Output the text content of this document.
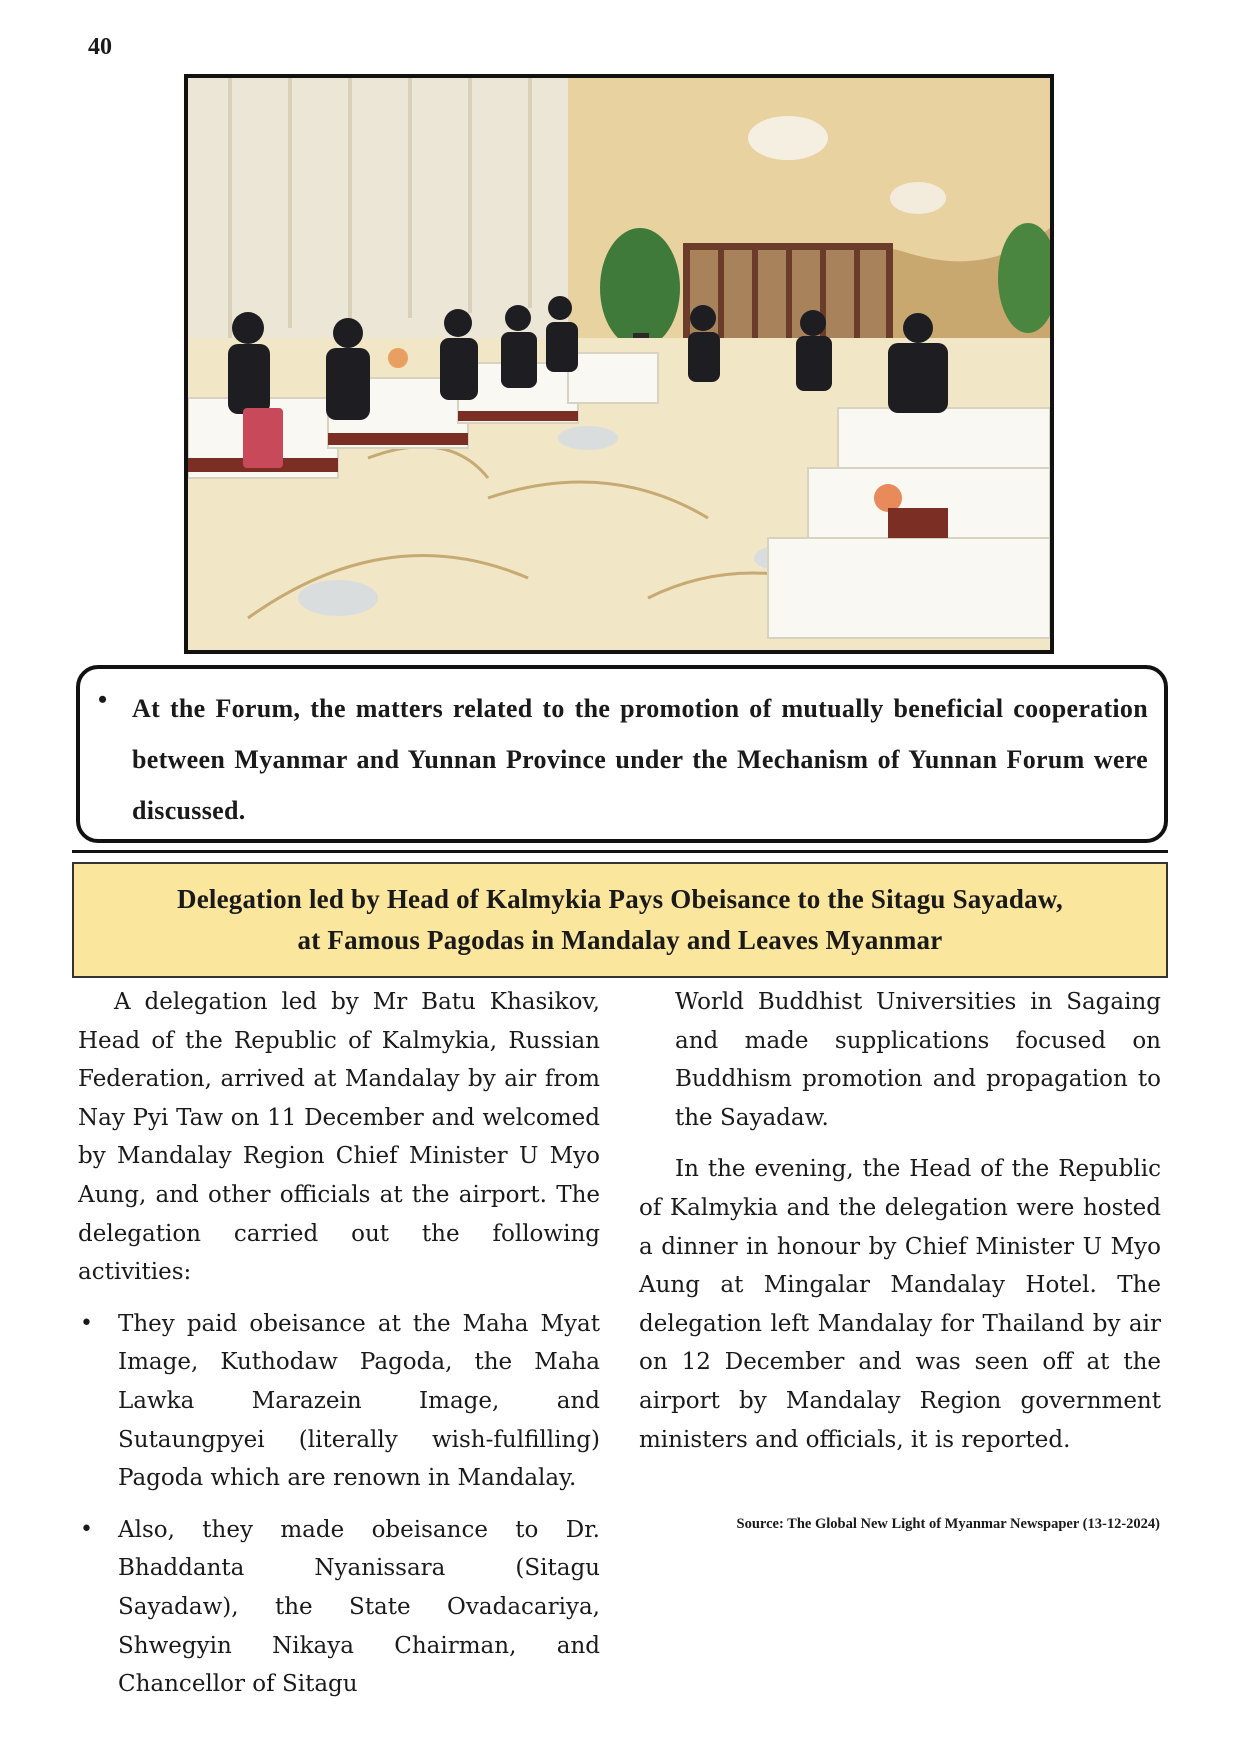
40
• At the Forum, the matters related to the promotion of mutually beneficial cooperation between Myanmar and Yunnan Province under the Mechanism of Yunnan Forum were discussed.
Delegation led by Head of Kalmykia Pays Obeisance to the Sitagu Sayadaw,
at Famous Pagodas in Mandalay and Leaves Myanmar

A delegation led by Mr Batu Khasikov, Head of the Republic of Kalmykia, Russian Federation, arrived at Mandalay by air from Nay Pyi Taw on 11 December and welcomed by Mandalay Region Chief Minister U Myo Aung, and other officials at the airport. The delegation carried out the following activities:

• They paid obeisance at the Maha Myat Image, Kuthodaw Pagoda, the Maha Lawka Marazein Image, and Sutaungpyei (literally wish-fulfilling) Pagoda which are renown in Mandalay.
• Also, they made obeisance to Dr. Bhaddanta Nyanissara (Sitagu Sayadaw), the State Ovadacariya, Shwegyin Nikaya Chairman, and Chancellor of Sitagu

World Buddhist Universities in Sagaing and made supplications focused on Buddhism promotion and propagation to the Sayadaw.

In the evening, the Head of the Republic of Kalmykia and the delegation were hosted a dinner in honour by Chief Minister U Myo Aung at Mingalar Mandalay Hotel. The delegation left Mandalay for Thailand by air on 12 December and was seen off at the airport by Mandalay Region government ministers and officials, it is reported.

Source: The Global New Light of Myanmar Newspaper (13-12-2024)
